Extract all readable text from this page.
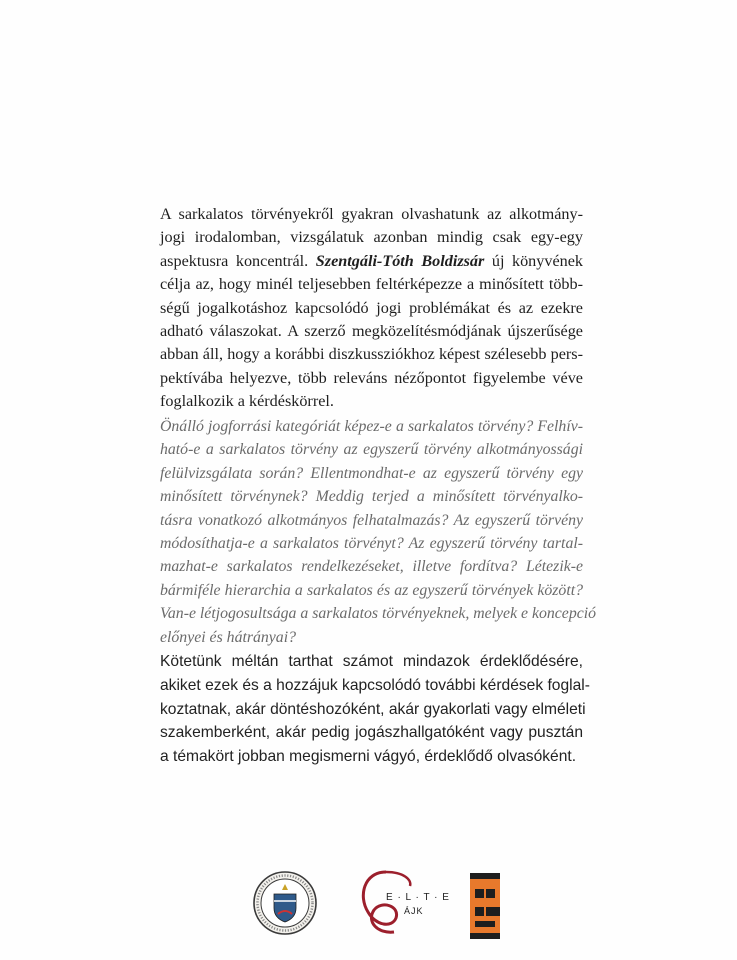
A sarkalatos törvényekről gyakran olvashatunk az alkotmány-
jogi irodalomban, vizsgálatuk azonban mindig csak egy-egy
aspektusra koncentrál. Szentgáli-Tóth Boldizsár új könyvének
célja az, hogy minél teljesebben feltérképezze a minősített több-
ségű jogalkotáshoz kapcsolódó jogi problémákat és az ezekre
adható válaszokat. A szerző megközelítésmódjának újszerűsége
abban áll, hogy a korábbi diszkussziókhoz képest szélesebb pers-
pektívába helyezve, több releváns nézőpontot figyelembe véve
foglalkozik a kérdéskörrel.
Önálló jogforrási kategóriát képez-e a sarkalatos törvény? Felhív-
ható-e a sarkalatos törvény az egyszerű törvény alkotmányossági
felülvizsgálata során? Ellentmondhat-e az egyszerű törvény egy
minősített törvénynek? Meddig terjed a minősített törvényalko-
tásra vonatkozó alkotmányos felhatalmazás? Az egyszerű törvény
módosíthatja-e a sarkalatos törvényt? Az egyszerű törvény tartal-
mazhat-e sarkalatos rendelkezéseket, illetve fordítva? Létezik-e
bármiféle hierarchia a sarkalatos és az egyszerű törvények között?
Van-e létjogosultsága a sarkalatos törvényeknek, melyek e koncepció
előnyei és hátrányai?
Kötetünk méltán tarthat számot mindazok érdeklődésére,
akiket ezek és a hozzájuk kapcsolódó további kérdések foglal-
koztatnak, akár döntéshozóként, akár gyakorlati vagy elméleti
szakemberként, akár pedig jogászhallgatóként vagy pusztán
a témakört jobban megismerni vágyó, érdeklődő olvasóként.
E · L · T · E
ÁJK
